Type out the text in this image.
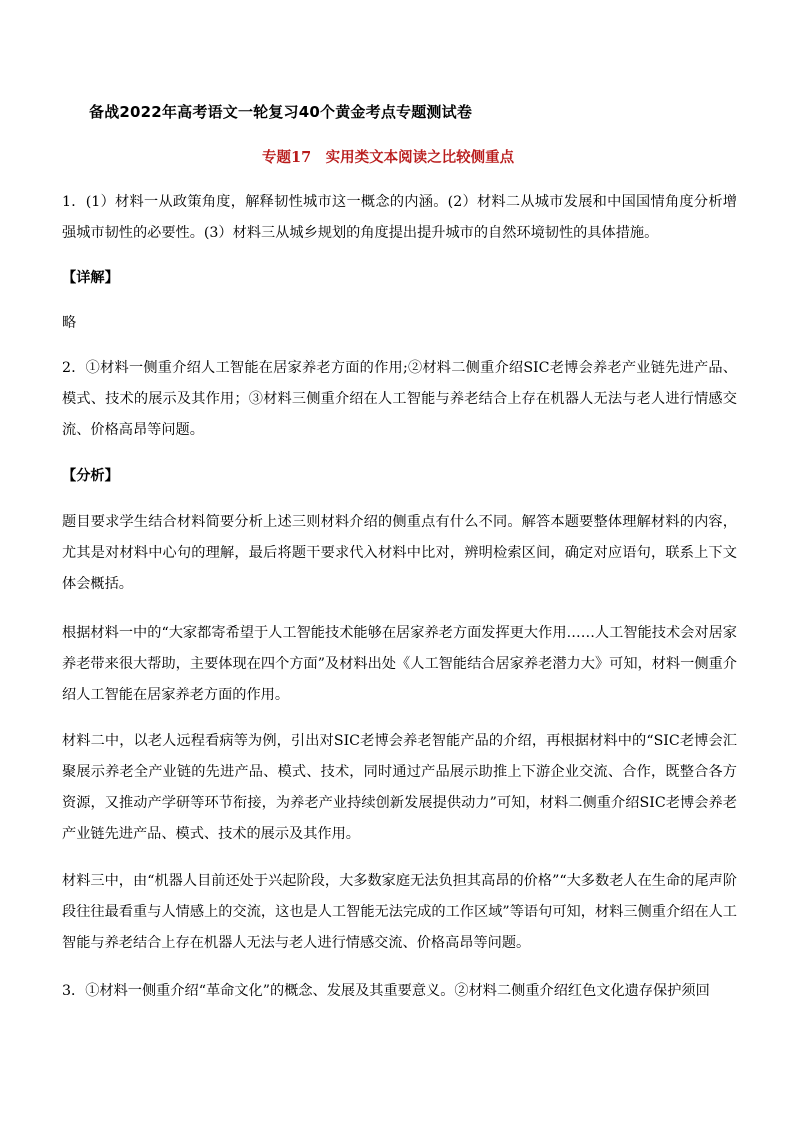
备战2022年高考语文一轮复习40个黄金考点专题测试卷
专题17　实用类文本阅读之比较侧重点

1．(1）材料一从政策角度，解释韧性城市这一概念的内涵。(2）材料二从城市发展和中国国情角度分析增强城市韧性的必要性。(3）材料三从城乡规划的角度提出提升城市的自然环境韧性的具体措施。

【详解】

略

2．①材料一侧重介绍人工智能在居家养老方面的作用;②材料二侧重介绍SIC老博会养老产业链先进产品、模式、技术的展示及其作用；③材料三侧重介绍在人工智能与养老结合上存在机器人无法与老人进行情感交流、价格高昂等问题。

【分析】

题目要求学生结合材料简要分析上述三则材料介绍的侧重点有什么不同。解答本题要整体理解材料的内容，尤其是对材料中心句的理解，最后将题干要求代入材料中比对，辨明检索区间，确定对应语句，联系上下文体会概括。

根据材料一中的“大家都寄希望于人工智能技术能够在居家养老方面发挥更大作用……人工智能技术会对居家养老带来很大帮助，主要体现在四个方面”及材料出处《人工智能结合居家养老潜力大》可知，材料一侧重介绍人工智能在居家养老方面的作用。

材料二中，以老人远程看病等为例，引出对SIC老博会养老智能产品的介绍，再根据材料中的“SIC老博会汇聚展示养老全产业链的先进产品、模式、技术，同时通过产品展示助推上下游企业交流、合作，既整合各方资源，又推动产学研等环节衔接，为养老产业持续创新发展提供动力”可知，材料二侧重介绍SIC老博会养老产业链先进产品、模式、技术的展示及其作用。

材料三中，由“机器人目前还处于兴起阶段，大多数家庭无法负担其高昂的价格”“大多数老人在生命的尾声阶段往往最看重与人情感上的交流，这也是人工智能无法完成的工作区域”等语句可知，材料三侧重介绍在人工智能与养老结合上存在机器人无法与老人进行情感交流、价格高昂等问题。

3．①材料一侧重介绍“革命文化”的概念、发展及其重要意义。②材料二侧重介绍红色文化遗存保护须回
